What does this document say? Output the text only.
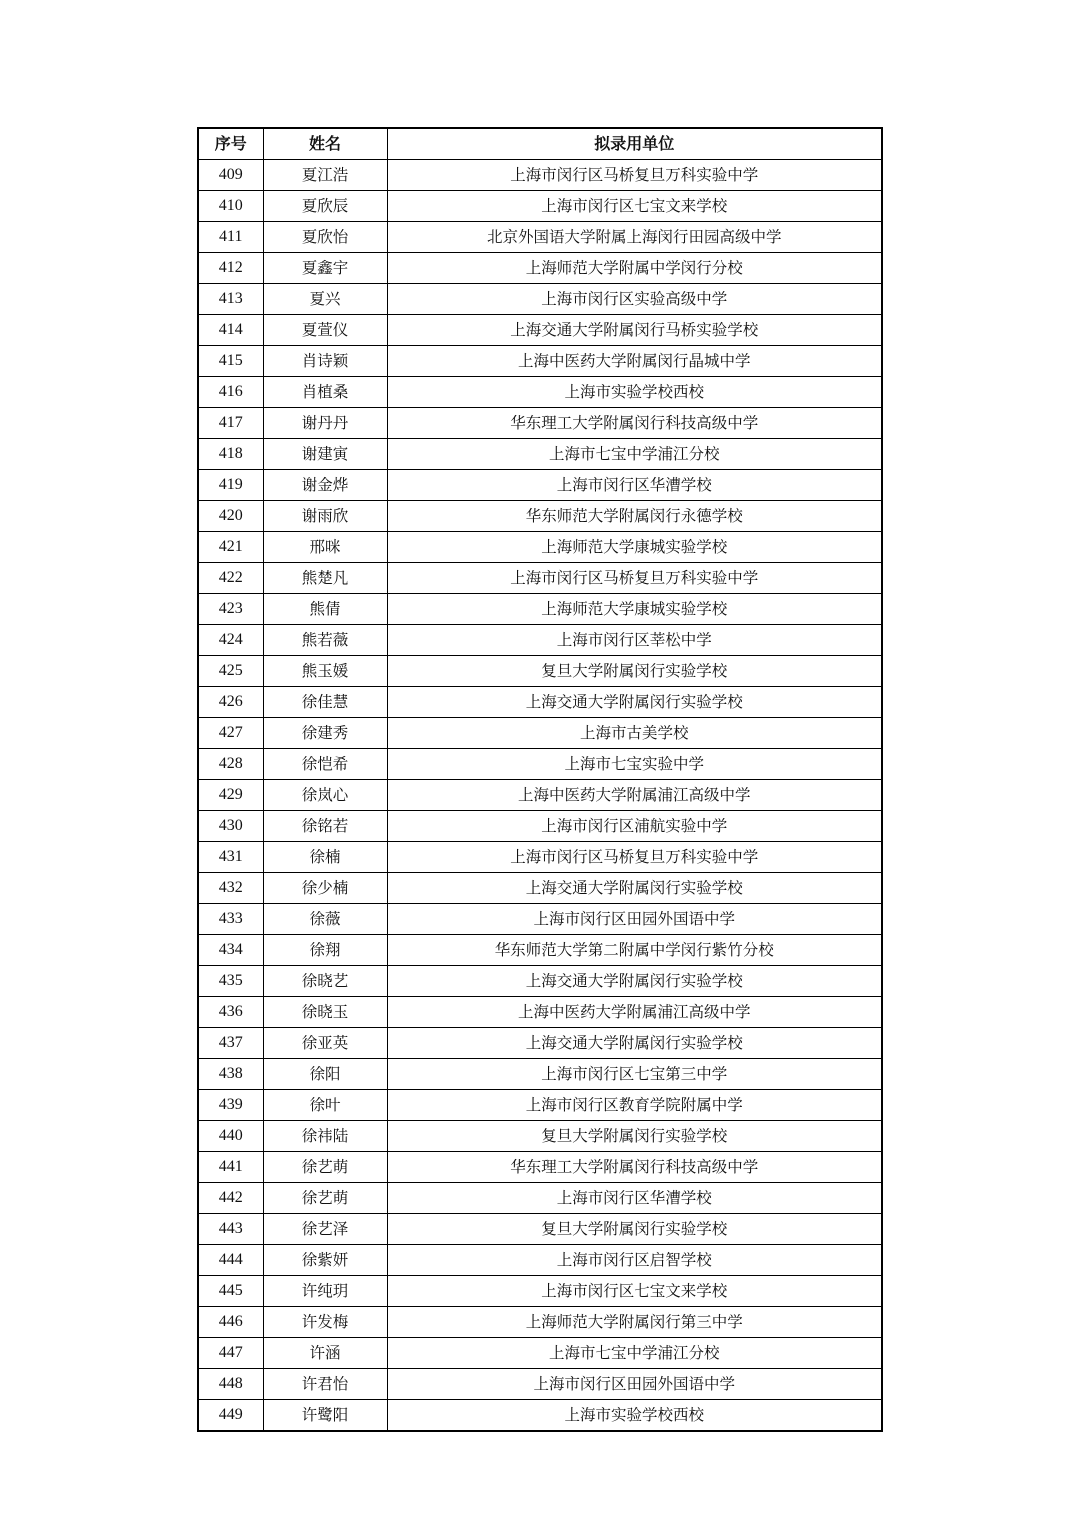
序号	姓名	拟录用单位
409	夏江浩	上海市闵行区马桥复旦万科实验中学
410	夏欣辰	上海市闵行区七宝文来学校
411	夏欣怡	北京外国语大学附属上海闵行田园高级中学
412	夏鑫宇	上海师范大学附属中学闵行分校
413	夏兴	上海市闵行区实验高级中学
414	夏萱仪	上海交通大学附属闵行马桥实验学校
415	肖诗颖	上海中医药大学附属闵行晶城中学
416	肖植桑	上海市实验学校西校
417	谢丹丹	华东理工大学附属闵行科技高级中学
418	谢建寅	上海市七宝中学浦江分校
419	谢金烨	上海市闵行区华漕学校
420	谢雨欣	华东师范大学附属闵行永德学校
421	邢咪	上海师范大学康城实验学校
422	熊楚凡	上海市闵行区马桥复旦万科实验中学
423	熊倩	上海师范大学康城实验学校
424	熊若薇	上海市闵行区莘松中学
425	熊玉媛	复旦大学附属闵行实验学校
426	徐佳慧	上海交通大学附属闵行实验学校
427	徐建秀	上海市古美学校
428	徐恺希	上海市七宝实验中学
429	徐岚心	上海中医药大学附属浦江高级中学
430	徐铭若	上海市闵行区浦航实验中学
431	徐楠	上海市闵行区马桥复旦万科实验中学
432	徐少楠	上海交通大学附属闵行实验学校
433	徐薇	上海市闵行区田园外国语中学
434	徐翔	华东师范大学第二附属中学闵行紫竹分校
435	徐晓艺	上海交通大学附属闵行实验学校
436	徐晓玉	上海中医药大学附属浦江高级中学
437	徐亚英	上海交通大学附属闵行实验学校
438	徐阳	上海市闵行区七宝第三中学
439	徐叶	上海市闵行区教育学院附属中学
440	徐祎陆	复旦大学附属闵行实验学校
441	徐艺萌	华东理工大学附属闵行科技高级中学
442	徐艺萌	上海市闵行区华漕学校
443	徐艺泽	复旦大学附属闵行实验学校
444	徐紫妍	上海市闵行区启智学校
445	许纯玥	上海市闵行区七宝文来学校
446	许发梅	上海师范大学附属闵行第三中学
447	许涵	上海市七宝中学浦江分校
448	许君怡	上海市闵行区田园外国语中学
449	许鹭阳	上海市实验学校西校
